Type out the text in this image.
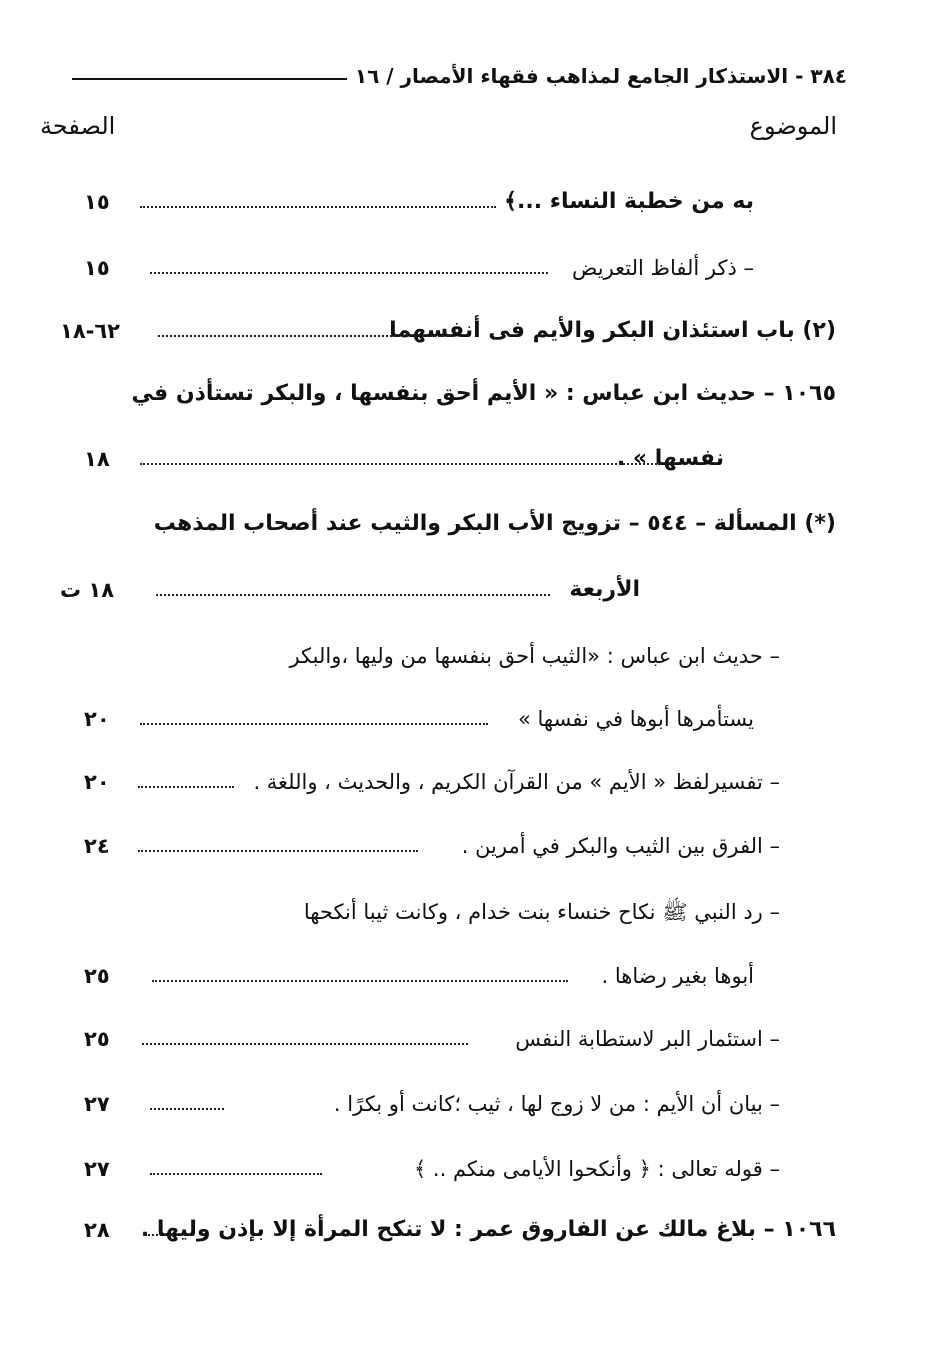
٣٨٤ - الاستذكار الجامع لمذاهب فقهاء الأمصار / ١٦
الموضوع
الصفحة
به من خطبة النساء ...﴾
١٥
– ذكر ألفاظ التعريض
١٥
(٢) باب استئذان البكر والأيم فى أنفسهما
٦٢-١٨
١٠٦٥ – حديث ابن عباس : « الأيم أحق بنفسها ، والبكر تستأذن في
نفسها » .
١٨
(*) المسألة – ٥٤٤ – تزويج الأب البكر والثيب عند أصحاب المذهب
الأربعة
١٨ ت
– حديث ابن عباس : «الثيب أحق بنفسها من وليها ،والبكر
يستأمرها أبوها في نفسها »
٢٠
– تفسيرلفظ « الأيم » من القرآن الكريم ، والحديث ، واللغة .
٢٠
– الفرق بين الثيب والبكر في أمرين .
٢٤
– رد النبي ﷺ نكاح خنساء بنت خدام ، وكانت ثيبا أنكحها
أبوها بغير رضاها .
٢٥
– استئمار البر لاستطابة النفس
٢٥
– بيان أن الأيم : من لا زوج لها ، ثيب ؛كانت أو بكرًا .
٢٧
– قوله تعالى : ﴿ وأنكحوا الأيامى منكم .. ﴾
٢٧
١٠٦٦ – بلاغ مالك عن الفاروق عمر : لا تنكح المرأة إلا بإذن وليها .
٢٨
